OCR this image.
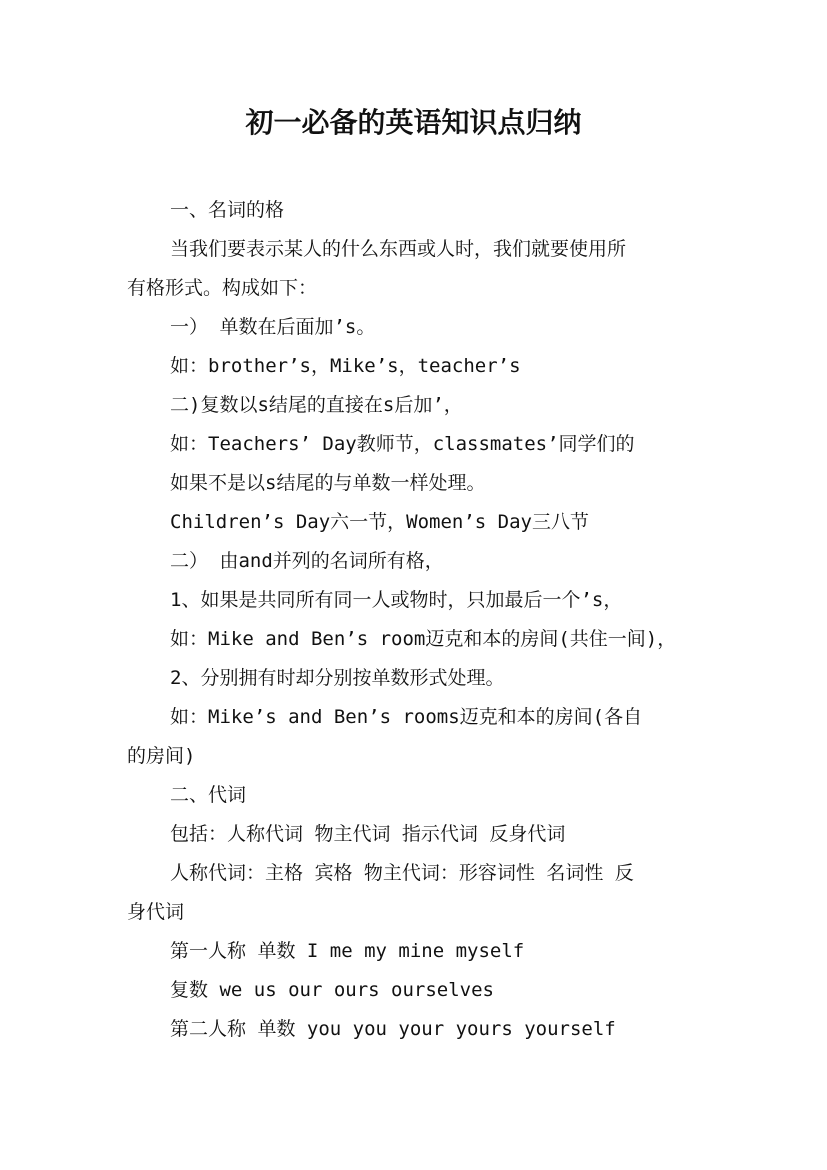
初一必备的英语知识点归纳
一、名词的格
当我们要表示某人的什么东西或人时，我们就要使用所
有格形式。构成如下：
一） 单数在后面加’s。
如：brother’s，Mike’s，teacher’s
二)复数以s结尾的直接在s后加’，
如：Teachers’ Day教师节，classmates’同学们的
如果不是以s结尾的与单数一样处理。
Children’s Day六一节，Women’s Day三八节
二） 由and并列的名词所有格，
1、如果是共同所有同一人或物时，只加最后一个’s，
如：Mike and Ben’s room迈克和本的房间(共住一间)，
2、分别拥有时却分别按单数形式处理。
如：Mike’s and Ben’s rooms迈克和本的房间(各自
的房间)
二、代词
包括：人称代词 物主代词 指示代词 反身代词
人称代词：主格 宾格 物主代词：形容词性 名词性 反
身代词
第一人称 单数 I me my mine myself
复数 we us our ours ourselves
第二人称 单数 you you your yours yourself
